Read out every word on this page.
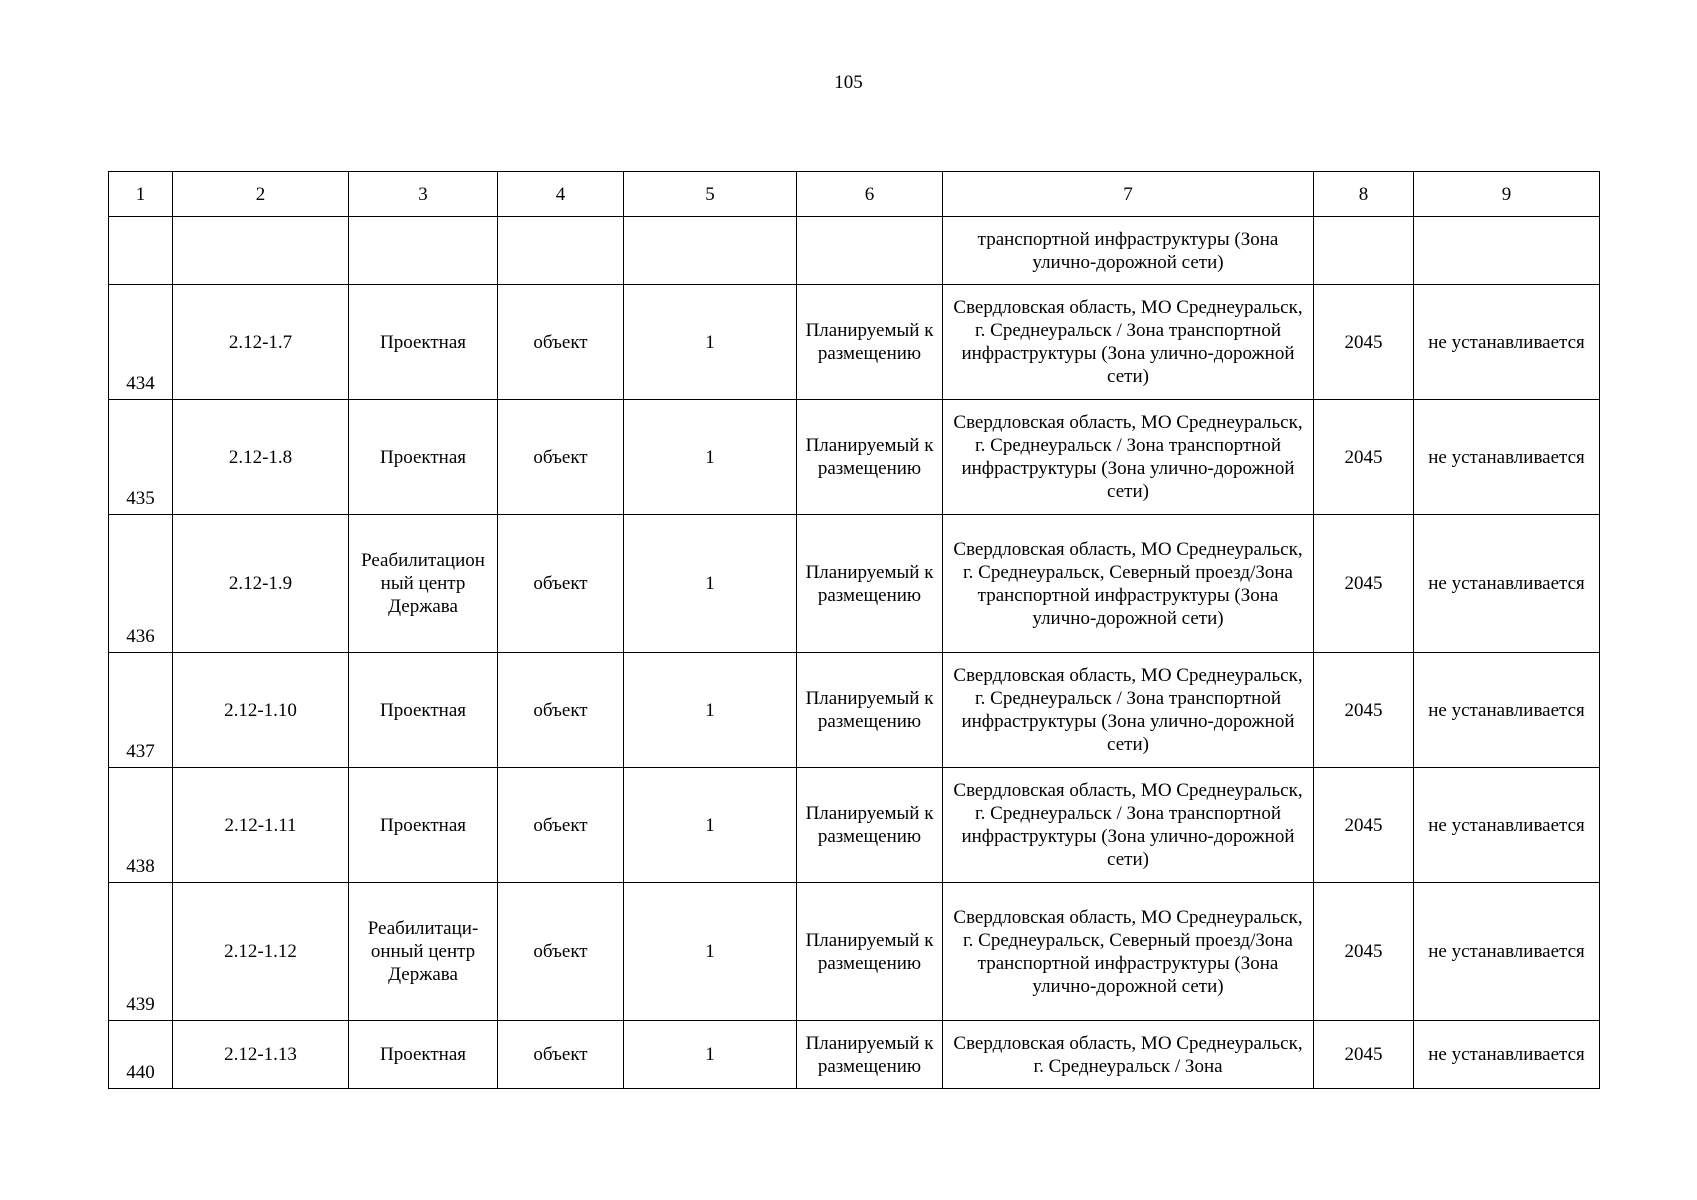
105
1	2	3	4	5	6	7	8	9
						транспортной инфраструктуры (Зона улично-дорожной сети)		
434	2.12-1.7	Проектная	объект	1	Планируемый к размещению	Свердловская область, МО Среднеуральск, г. Среднеуральск / Зона транспортной инфраструктуры (Зона улично-дорожной сети)	2045	не устанавливается
435	2.12-1.8	Проектная	объект	1	Планируемый к размещению	Свердловская область, МО Среднеуральск, г. Среднеуральск / Зона транспортной инфраструктуры (Зона улично-дорожной сети)	2045	не устанавливается
436	2.12-1.9	Реабилитацион ный центр Держава	объект	1	Планируемый к размещению	Свердловская область, МО Среднеуральск, г. Среднеуральск, Северный проезд/Зона транспортной инфраструктуры (Зона улично-дорожной сети)	2045	не устанавливается
437	2.12-1.10	Проектная	объект	1	Планируемый к размещению	Свердловская область, МО Среднеуральск, г. Среднеуральск / Зона транспортной инфраструктуры (Зона улично-дорожной сети)	2045	не устанавливается
438	2.12-1.11	Проектная	объект	1	Планируемый к размещению	Свердловская область, МО Среднеуральск, г. Среднеуральск / Зона транспортной инфраструктуры (Зона улично-дорожной сети)	2045	не устанавливается
439	2.12-1.12	Реабилитаци-онный центр Держава	объект	1	Планируемый к размещению	Свердловская область, МО Среднеуральск, г. Среднеуральск, Северный проезд/Зона транспортной инфраструктуры (Зона улично-дорожной сети)	2045	не устанавливается
440	2.12-1.13	Проектная	объект	1	Планируемый к размещению	Свердловская область, МО Среднеуральск, г. Среднеуральск / Зона	2045	не устанавливается
